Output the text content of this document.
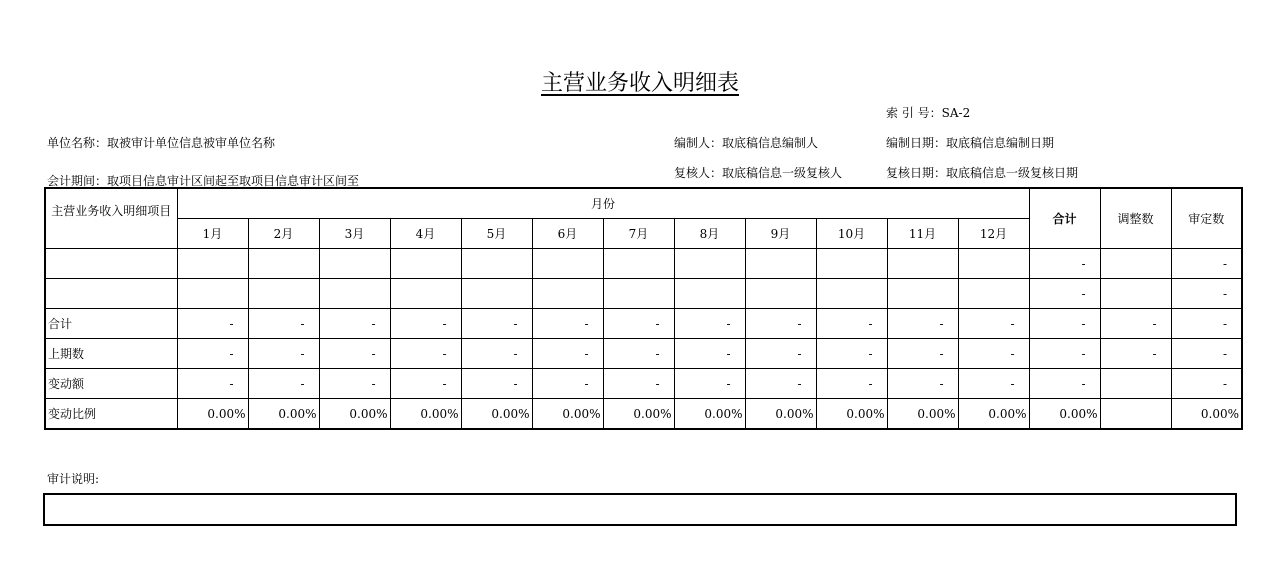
主营业务收入明细表
索 引 号：SA-2
单位名称：取被审计单位信息被审单位名称	编制人：取底稿信息编制人	编制日期：取底稿信息编制日期
复核人：取底稿信息一级复核人	复核日期：取底稿信息一级复核日期
会计期间：取项目信息审计区间起至取项目信息审计区间至
主营业务收入明细项目	月份												合计	调整数	审定数
	1月	2月	3月	4月	5月	6月	7月	8月	9月	10月	11月	12月			
													-		-
													-		-
合计	-	-	-	-	-	-	-	-	-	-	-	-	-	-	-
上期数	-	-	-	-	-	-	-	-	-	-	-	-	-	-	-
变动额	-	-	-	-	-	-	-	-	-	-	-	-	-		-
变动比例	0.00%	0.00%	0.00%	0.00%	0.00%	0.00%	0.00%	0.00%	0.00%	0.00%	0.00%	0.00%	0.00%		0.00%
审计说明:
